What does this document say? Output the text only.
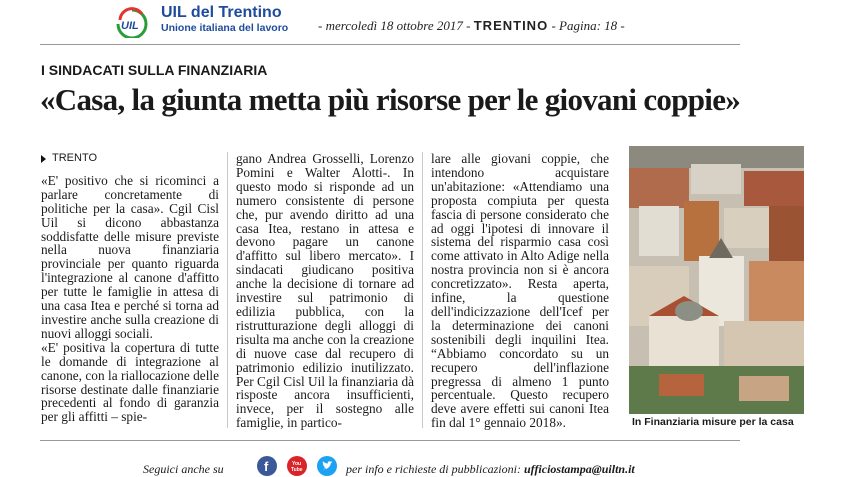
UIL
UIL del Trentino
Unione italiana del lavoro - mercoledì 18 ottobre 2017 - TRENTINO - Pagina: 18 -
I SINDACATI SULLA FINANZIARIA
«Casa, la giunta metta più risorse per le giovani coppie»

TRENTO

«E' positivo che si ricominci a parlare concretamente di politiche per la casa». Cgil Cisl Uil si dicono abbastanza soddisfatte delle misure previste nella nuova finanziaria provinciale per quanto riguarda l'integrazione al canone d'affitto per tutte le famiglie in attesa di una casa Itea e perché si torna ad investire anche sulla creazione di nuovi alloggi sociali.

«E' positiva la copertura di tutte le domande di integrazione al canone, con la riallocazione delle risorse destinate dalle finanziarie precedenti al fondo di garanzia per gli affitti – spie-

gano Andrea Grosselli, Lorenzo Pomini e Walter Alotti-. In questo modo si risponde ad un numero consistente di persone che, pur avendo diritto ad una casa Itea, restano in attesa e devono pagare un canone d'affitto sul libero mercato». I sindacati giudicano positiva anche la decisione di tornare ad investire sul patrimonio di edilizia pubblica, con la ristrutturazione degli alloggi di risulta ma anche con la creazione di nuove case dal recupero di patrimonio edilizio inutilizzato. Per Cgil Cisl Uil la finanziaria dà risposte ancora insufficienti, invece, per il sostegno alle famiglie, in partico-

lare alle giovani coppie, che intendono acquistare un'abitazione: «Attendiamo una proposta compiuta per questa fascia di persone considerato che ad oggi l'ipotesi di innovare il sistema del risparmio casa così come attivato in Alto Adige nella nostra provincia non si è ancora concretizzato». Resta aperta, infine, la questione dell'indicizzazione dell'Icef per la determinazione dei canoni sostenibili degli inquilini Itea. “Abbiamo concordato su un recupero dell'inflazione pregressa di almeno 1 punto percentuale. Questo recupero deve avere effetti sui canoni Itea fin dal 1° gennaio 2018».	In Finanziaria misure per la casa
Seguici anche su	f	You
Tube	per info e richieste di pubblicazioni: ufficiostampa@uiltn.it
